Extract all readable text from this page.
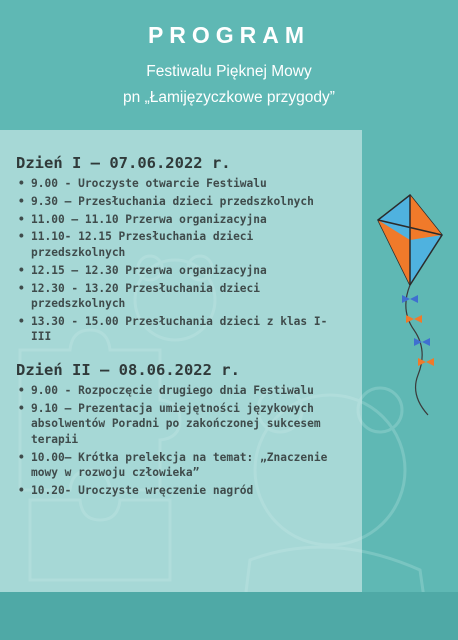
PROGRAM
Festiwalu Pięknej Mowy
pn „Łamijęzyczkowe przygody”
Dzień I – 07.06.2022 r.
• 9.00 - Uroczyste otwarcie Festiwalu
• 9.30 – Przesłuchania dzieci przedszkolnych
• 11.00 – 11.10 Przerwa organizacyjna
• 11.10- 12.15 Przesłuchania dzieci przedszkolnych
• 12.15 – 12.30 Przerwa organizacyjna
• 12.30 - 13.20 Przesłuchania dzieci przedszkolnych
• 13.30 - 15.00 Przesłuchania dzieci z klas I-III
Dzień II – 08.06.2022 r.
• 9.00 - Rozpoczęcie drugiego dnia Festiwalu
• 9.10 – Prezentacja umiejętności językowych absolwentów Poradni po zakończonej sukcesem terapii
• 10.00– Krótka prelekcja na temat: „Znaczenie mowy w rozwoju człowieka”
• 10.20- Uroczyste wręczenie nagród
